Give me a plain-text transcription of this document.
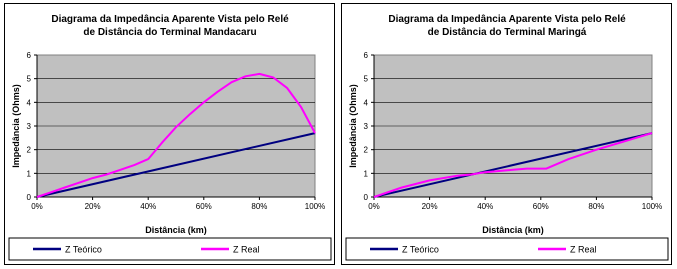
Diagrama da Impedância Aparente Vista pelo Relé
de Distância do Terminal Mandacaru
0
1
2
3
4
5
6
0%	20%	40%	60%	80%	100%
Distância (km)
Impedância (Ohms)
Z Teórico	Z Real
Diagrama da Impedância Aparente Vista pelo Relé
de Distância do Terminal Maringá
0
1
2
3
4
5
6
0%	20%	40%	60%	80%	100%
Distância (km)
Impedância (Ohms)
Z Teórico	Z Real
